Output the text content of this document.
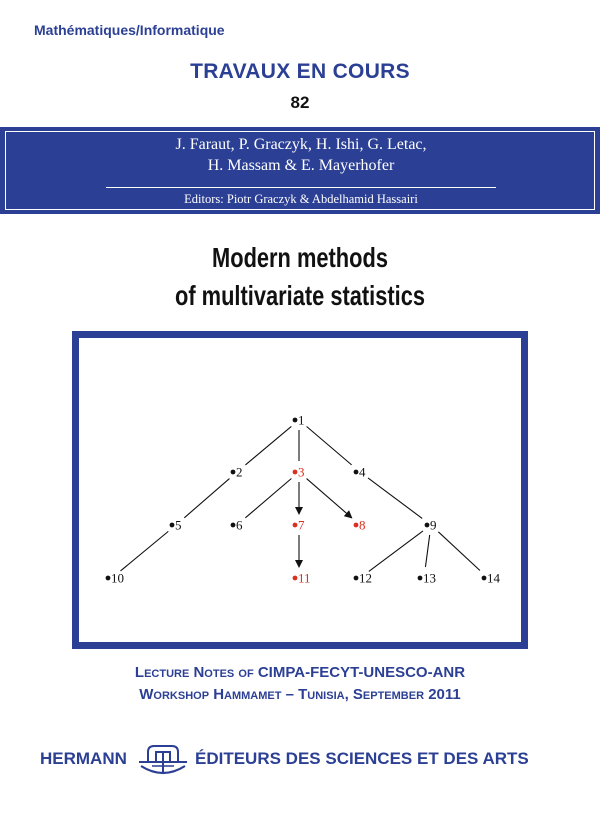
Mathématiques/Informatique
TRAVAUX EN COURS
82
J. Faraut, P. Graczyk, H. Ishi, G. Letac,
H. Massam & E. Mayerhofer
Editors: Piotr Graczyk & Abdelhamid Hassairi
Modern methods
of multivariate statistics
1
2	3	4
5	6	7	8	9
10	11	12	13	14
Lecture Notes of CIMPA-FECYT-UNESCO-ANR
Workshop Hammamet – Tunisia, September 2011
HERMANN	ÉDITEURS DES SCIENCES ET DES ARTS
